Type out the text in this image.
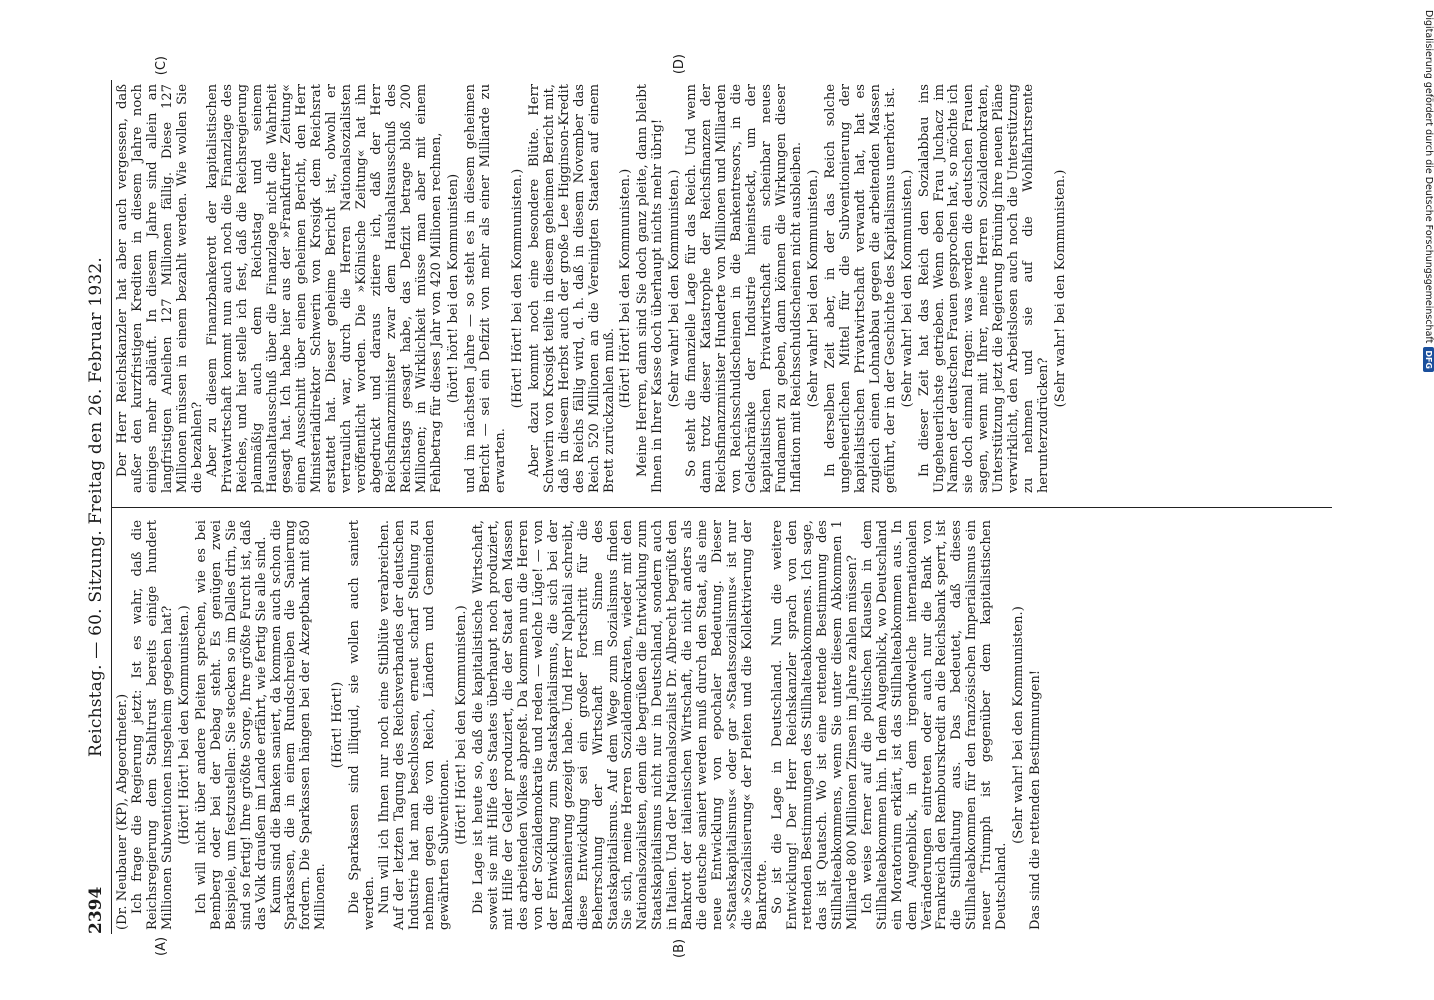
2394
Reichstag. — 60. Sitzung. Freitag den 26. Februar 1932.
(A)	(B)
(C)	(D)

(Dr. Neubauer (KP), Abgeordneter.) Ich frage die Regierung jetzt: Ist es wahr, daß die Reichsregierung dem Stahltrust bereits einige hundert Millionen Subventionen insgeheim gegeben hat? (Hört! Hört! bei den Kommunisten.) Ich will nicht über andere Pleiten sprechen, wie es bei Bemberg oder bei der Debag steht. Es genügen zwei Beispiele, um festzustellen: Sie stecken so im Dalles drin, Sie sind so fertig! Ihre größte Sorge, Ihre größte Furcht ist, daß das Volk draußen im Lande erfährt, wie fertig Sie alle sind. Kaum sind die Banken saniert, da kommen auch schon die Sparkassen, die in einem Rundschreiben die Sanierung fordern. Die Sparkassen hängen bei der Akzeptbank mit 850 Millionen.

(Hört! Hört!) Die Sparkassen sind illiquid, sie wollen auch saniert werden. Nun will ich Ihnen nur noch eine Stilblüte verabreichen. Auf der letzten Tagung des Reichsverbandes der deutschen Industrie hat man beschlossen, erneut scharf Stellung zu nehmen gegen die von Reich, Ländern und Gemeinden gewährten Subventionen. (Hört! Hört! bei den Kommunisten.) Die Lage ist heute so, daß die kapitalistische Wirtschaft, soweit sie mit Hilfe des Staates überhaupt noch produziert, mit Hilfe der Gelder produziert, die der Staat den Massen des arbeitenden Volkes abpreßt. Da kommen nun die Herren von der Sozialdemokratie und reden — welche Lüge! — von der Entwicklung zum Staatskapitalismus, die sich bei der Bankensanierung gezeigt habe. Und Herr Naphtali schreibt, diese Entwicklung sei ein großer Fortschritt für die Beherrschung der Wirtschaft im Sinne des Staatskapitalismus. Auf dem Wege zum Sozialismus finden Sie sich, meine Herren Sozialdemokraten, wieder mit den Nationalsozialisten, denn die begrüßen die Entwicklung zum Staatskapitalismus nicht nur in Deutschland, sondern auch in Italien. Und der Nationalsozialist Dr. Albrecht begrüßt den Bankrott der italienischen Wirtschaft, die nicht anders als die deutsche saniert werden muß durch den Staat, als eine neue Entwicklung von epochaler Bedeutung. Dieser »Staatskapitalismus« oder gar »Staatssozialismus« ist nur die »Sozialisierung« der Pleiten und die Kollektivierung der Bankrotte. So ist die Lage in Deutschland. Nun die weitere Entwicklung! Der Herr Reichskanzler sprach von den rettenden Bestimmungen des Stillhalteabkommens. Ich sage, das ist Quatsch. Wo ist eine rettende Bestimmung des Stillhalteabkommens, wenn Sie unter diesem Abkommen 1 Milliarde 800 Millionen Zinsen im Jahre zahlen müssen? Ich weise ferner auf die politischen Klauseln in dem Stillhalteabkommen hin. In dem Augenblick, wo Deutschland ein Moratorium erklärt, ist das Stillhalteabkommen aus. In dem Augenblick, in dem irgendwelche internationalen Veränderungen eintreten oder auch nur die Bank von Frankreich den Rembourskredit an die Reichsbank sperrt, ist die Stillhaltung aus. Das bedeutet, daß dieses Stillhalteabkommen für den französischen Imperialismus ein neuer Triumph ist gegenüber dem kapitalistischen Deutschland.

(Sehr wahr! bei den Kommunisten.) Das sind die rettenden Bestimmungen!

Der Herr Reichskanzler hat aber auch vergessen, daß außer den kurzfristigen Krediten in diesem Jahre noch einiges mehr abläuft. In diesem Jahre sind allein an langfristigen Anleihen 127 Millionen fällig. Diese 127 Millionen müssen in einem bezahlt werden. Wie wollen Sie die bezahlen? Aber zu diesem Finanzbankerott der kapitalistischen Privatwirtschaft kommt nun auch noch die Finanzlage des Reiches, und hier stelle ich fest, daß die Reichsregierung planmäßig auch dem Reichstag und seinem Haushaltausschuß über die Finanzlage nicht die Wahrheit gesagt hat. Ich habe hier aus der »Frankfurter Zeitung« einen Ausschnitt über einen geheimen Bericht, den Herr Ministerialdirektor Schwerin von Krosigk dem Reichsrat erstattet hat. Dieser geheime Bericht ist, obwohl er vertraulich war, durch die Herren Nationalsozialisten veröffentlicht worden. Die »Kölnische Zeitung« hat ihn abgedruckt und daraus zitiere ich, daß der Herr Reichsfinanzminister zwar dem Haushaltsausschuß des Reichstags gesagt habe, das Defizit betrage bloß 200 Millionen; in Wirklichkeit müsse man aber mit einem Fehlbetrag für dieses Jahr von 420 Millionen rechnen, (hört! hört! bei den Kommunisten) und im nächsten Jahre — so steht es in diesem geheimen Bericht — sei ein Defizit von mehr als einer Milliarde zu erwarten.

(Hört! Hört! bei den Kommunisten.) Aber dazu kommt noch eine besondere Blüte. Herr Schwerin von Krosigk teilte in diesem geheimen Bericht mit, daß in diesem Herbst auch der große Lee Higginson-Kredit des Reichs fällig wird, d. h. daß in diesem November das Reich 520 Millionen an die Vereinigten Staaten auf einem Brett zurückzahlen muß.

(Hört! Hört! bei den Kommunisten.) Meine Herren, dann sind Sie doch ganz pleite, dann bleibt Ihnen in Ihrer Kasse doch überhaupt nichts mehr übrig! (Sehr wahr! bei den Kommunisten.) So steht die finanzielle Lage für das Reich. Und wenn dann trotz dieser Katastrophe der Reichsfinanzen der Reichsfinanzminister Hunderte von Millionen und Milliarden von Reichsschuldscheinen in die Bankentresors, in die Geldschränke der Industrie hineinsteckt, um der kapitalistischen Privatwirtschaft ein scheinbar neues Fundament zu geben, dann können die Wirkungen dieser Inflation mit Reichsschuldscheinen nicht ausbleiben. (Sehr wahr! bei den Kommunisten.) In derselben Zeit aber, in der das Reich solche ungeheuerlichen Mittel für die Subventionierung der kapitalistischen Privatwirtschaft verwandt hat, hat es zugleich einen Lohnabbau gegen die arbeitenden Massen geführt, der in der Geschichte des Kapitalismus unerhört ist. (Sehr wahr! bei den Kommunisten.) In dieser Zeit hat das Reich den Sozialabbau ins Ungeheuerlichste getrieben. Wenn eben Frau Juchacz im Namen der deutschen Frauen gesprochen hat, so möchte ich sie doch einmal fragen: was werden die deutschen Frauen sagen, wenn mit Ihrer, meine Herren Sozialdemokraten, Unterstützung jetzt die Regierung Brüning ihre neuen Pläne verwirklicht, den Arbeitslosen auch noch die Unterstützung zu nehmen und sie auf die Wohlfahrtsrente herunterzudrücken?

(Sehr wahr! bei den Kommunisten.)	Digitalisierung gefördert durch die Deutsche Forschungsgemeinschaft
DFG
